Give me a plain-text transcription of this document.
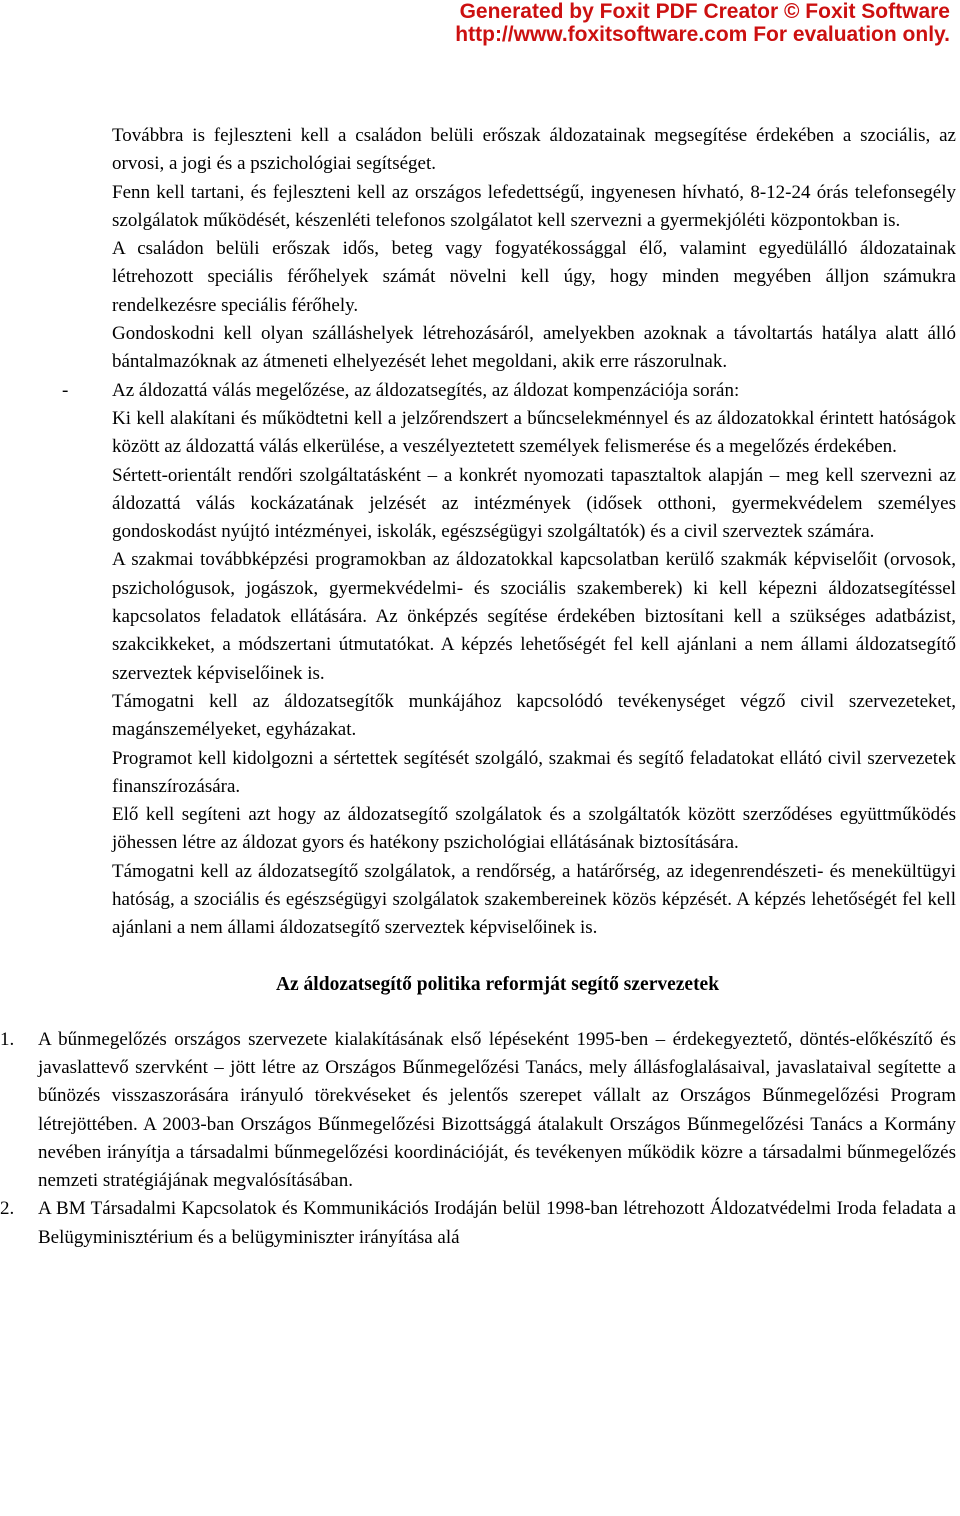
Generated by Foxit PDF Creator © Foxit Software
http://www.foxitsoftware.com For evaluation only.

Továbbra is fejleszteni kell a családon belüli erőszak áldozatainak megsegítése érdekében a szociális, az orvosi, a jogi és a pszichológiai segítséget.

Fenn kell tartani, és fejleszteni kell az országos lefedettségű, ingyenesen hívható, 8-12-24 órás telefonsegély szolgálatok működését, készenléti telefonos szolgálatot kell szervezni a gyermekjóléti központokban is.

A családon belüli erőszak idős, beteg vagy fogyatékossággal élő, valamint egyedülálló áldozatainak létrehozott speciális férőhelyek számát növelni kell úgy, hogy minden megyében álljon számukra rendelkezésre speciális férőhely.

Gondoskodni kell olyan szálláshelyek létrehozásáról, amelyekben azoknak a távoltartás hatálya alatt álló bántalmazóknak az átmeneti elhelyezését lehet megoldani, akik erre rászorulnak.

- Az áldozattá válás megelőzése, az áldozatsegítés, az áldozat kompenzációja során:

Ki kell alakítani és működtetni kell a jelzőrendszert a bűncselekménnyel és az áldozatokkal érintett hatóságok között az áldozattá válás elkerülése, a veszélyeztetett személyek felismerése és a megelőzés érdekében.

Sértett-orientált rendőri szolgáltatásként – a konkrét nyomozati tapasztaltok alapján – meg kell szervezni az áldozattá válás kockázatának jelzését az intézmények (idősek otthoni, gyermekvédelem személyes gondoskodást nyújtó intézményei, iskolák, egészségügyi szolgáltatók) és a civil szerveztek számára.

A szakmai továbbképzési programokban az áldozatokkal kapcsolatban kerülő szakmák képviselőit (orvosok, pszichológusok, jogászok, gyermekvédelmi- és szociális szakemberek) ki kell képezni áldozatsegítéssel kapcsolatos feladatok ellátására. Az önképzés segítése érdekében biztosítani kell a szükséges adatbázist, szakcikkeket, a módszertani útmutatókat. A képzés lehetőségét fel kell ajánlani a nem állami áldozatsegítő szerveztek képviselőinek is.

Támogatni kell az áldozatsegítők munkájához kapcsolódó tevékenységet végző civil szervezeteket, magánszemélyeket, egyházakat.

Programot kell kidolgozni a sértettek segítését szolgáló, szakmai és segítő feladatokat ellátó civil szervezetek finanszírozására.

Elő kell segíteni azt hogy az áldozatsegítő szolgálatok és a szolgáltatók között szerződéses együttműködés jöhessen létre az áldozat gyors és hatékony pszichológiai ellátásának biztosítására.

Támogatni kell az áldozatsegítő szolgálatok, a rendőrség, a határőrség, az idegenrendészeti- és menekültügyi hatóság, a szociális és egészségügyi szolgálatok szakembereinek közös képzését. A képzés lehetőségét fel kell ajánlani a nem állami áldozatsegítő szerveztek képviselőinek is.

Az áldozatsegítő politika reformját segítő szervezetek
1. A bűnmegelőzés országos szervezete kialakításának első lépéseként 1995-ben – érdekegyeztető, döntés-előkészítő és javaslattevő szervként – jött létre az Országos Bűnmegelőzési Tanács, mely állásfoglalásaival, javaslataival segítette a bűnözés visszaszorására irányuló törekvéseket és jelentős szerepet vállalt az Országos Bűnmegelőzési Program létrejöttében. A 2003-ban Országos Bűnmegelőzési Bizottsággá átalakult Országos Bűnmegelőzési Tanács a Kormány nevében irányítja a társadalmi bűnmegelőzési koordinációját, és tevékenyen működik közre a társadalmi bűnmegelőzés nemzeti stratégiájának megvalósításában.

2. A BM Társadalmi Kapcsolatok és Kommunikációs Irodáján belül 1998-ban létrehozott Áldozatvédelmi Iroda feladata a Belügyminisztérium és a belügyminiszter irányítása alá
